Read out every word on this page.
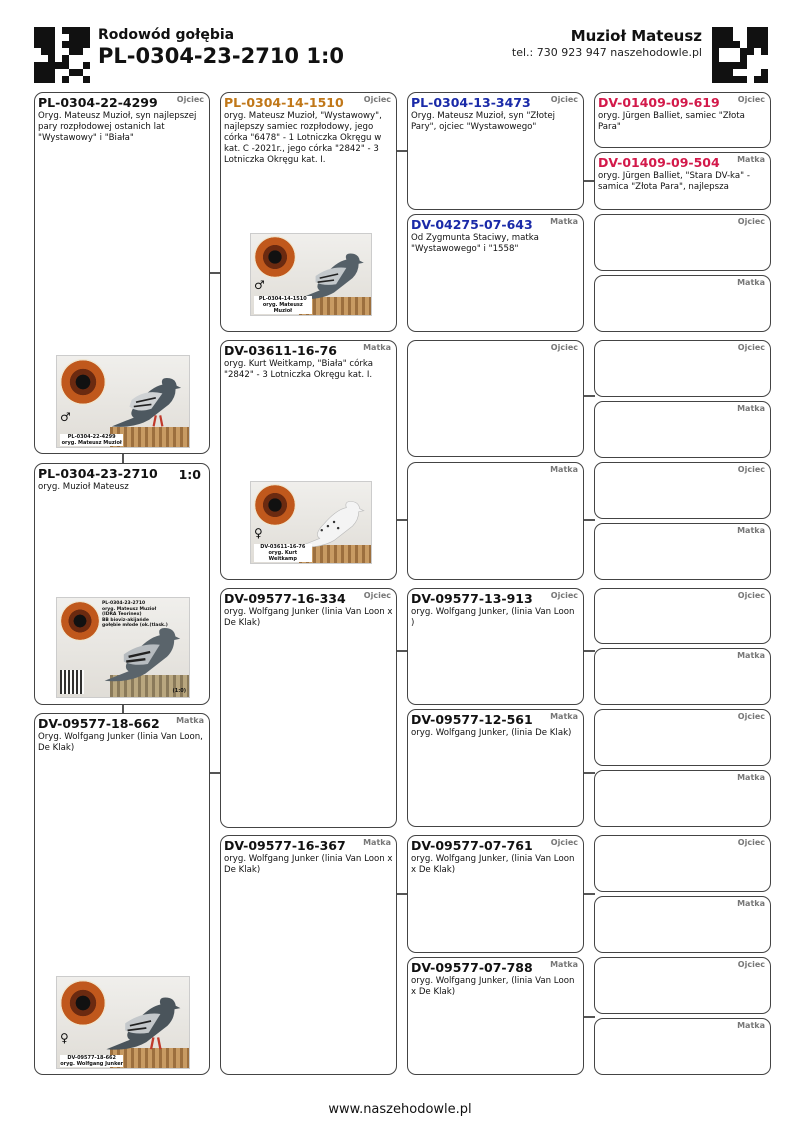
Rodowód gołębia
PL-0304-23-2710 1:0
Muzioł Mateusz
tel.: 730 923 947 naszehodowle.pl
PL-0304-22-4299	Ojciec
Oryg. Mateusz Muzioł, syn najlepszej pary rozpłodowej ostanich lat "Wystawowy" i "Biała"
♂
PL-0304-22-4299
oryg. Mateusz Muzioł
PL-0304-23-2710	1:0
oryg. Muzioł Mateusz
PL-0304-23-2710
oryg. Mateusz Muzioł
(IDRA Teorinex)
BB bioviz-akijańde
gołębie młode (ok.(tlask.)
(1:0)
DV-09577-18-662	Matka
Oryg. Wolfgang Junker (linia Van Loon, De Klak)
♀
DV-09577-18-662
oryg. Wolfgang Junker
PL-0304-14-1510	Ojciec
oryg. Mateusz Muzioł, "Wystawowy", najlepszy samiec rozpłodowy, jego córka "6478" - 1 Lotniczka Okręgu w kat. C -2021r., jego córka "2842" - 3 Lotniczka Okręgu kat. I.
♂
PL-0304-14-1510
oryg. Mateusz Muzioł
DV-03611-16-76	Matka
oryg. Kurt Weitkamp, "Biała" córka "2842" - 3 Lotniczka Okręgu kat. I.
♀
DV-03611-16-76
oryg. Kurt Weitkamp
DV-09577-16-334	Ojciec
oryg. Wolfgang Junker (linia Van Loon x De Klak)
DV-09577-16-367	Matka
oryg. Wolfgang Junker (linia Van Loon x De Klak)
PL-0304-13-3473	Ojciec
Oryg. Mateusz Muzioł, syn "Złotej Pary", ojciec "Wystawowego"
DV-04275-07-643	Matka
Od Zygmunta Staciwy, matka "Wystawowego" i "1558"
Ojciec
Matka
DV-09577-13-913	Ojciec
oryg. Wolfgang Junker, (linia Van Loon )
DV-09577-12-561	Matka
oryg. Wolfgang Junker, (linia De Klak)
DV-09577-07-761	Ojciec
oryg. Wolfgang Junker, (linia Van Loon x De Klak)
DV-09577-07-788	Matka
oryg. Wolfgang Junker, (linia Van Loon x De Klak)
DV-01409-09-619	Ojciec
oryg. Jürgen Balliet, samiec "Złota Para"
DV-01409-09-504	Matka
oryg. Jürgen Balliet, "Stara DV-ka" - samica "Złota Para", najlepsza
Ojciec
Matka
Ojciec
Matka
Ojciec
Matka
Ojciec
Matka
Ojciec
Matka
Ojciec
Matka
Ojciec
Matka
www.naszehodowle.pl
